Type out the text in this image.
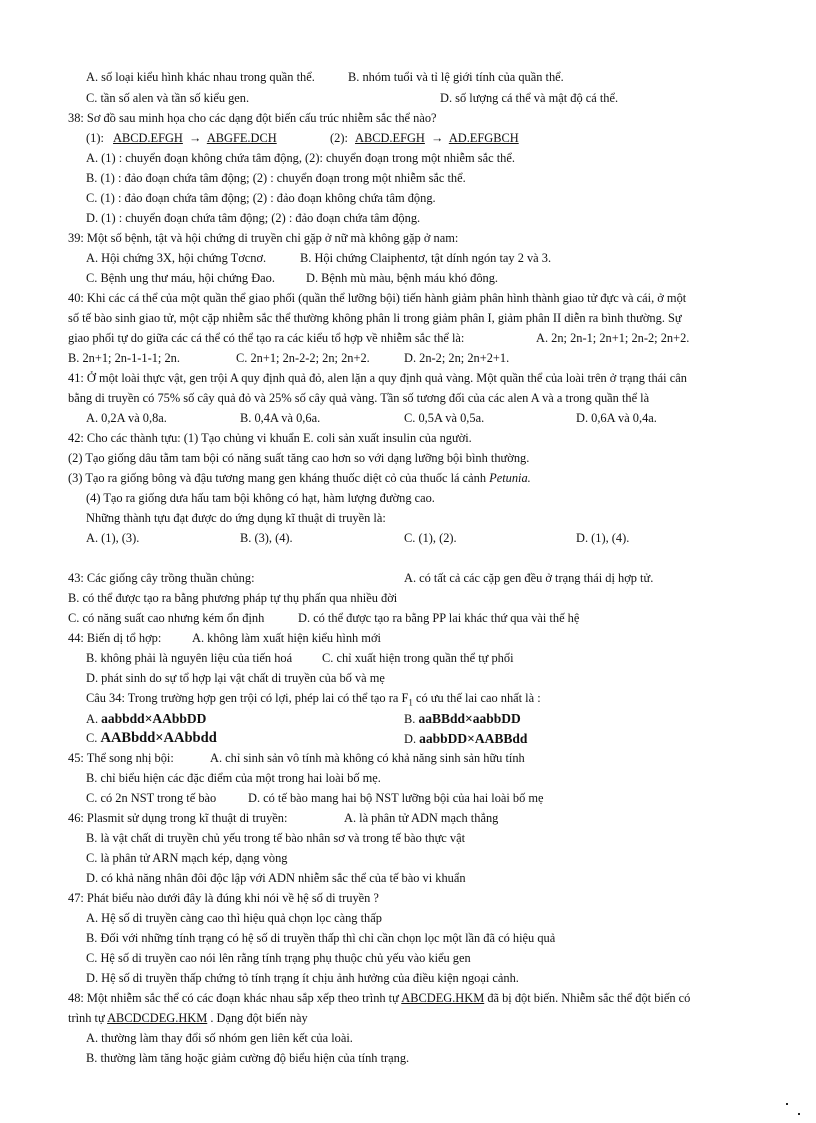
A. số loại kiểu hình khác nhau trong quần thể.	B. nhóm tuổi và tỉ lệ giới tính của quần thể.
C. tần số alen và tần số kiểu gen.	D. số lượng cá thể và mật độ cá thể.
38: Sơ đồ sau minh họa cho các dạng đột biến cấu trúc nhiễm sắc thể nào?
(1): ABCD.EFGH → ABGFE.DCH	(2): ABCD.EFGH → AD.EFGBCH
A. (1) : chuyển đoạn không chứa tâm động, (2): chuyển đoạn trong một nhiễm sắc thể.
B. (1) : đảo đoạn chứa tâm động; (2) : chuyển đoạn trong một nhiễm sắc thể.
C. (1) : đảo đoạn chứa tâm động; (2) : đảo đoạn không chứa tâm động.
D. (1) : chuyển đoạn chứa tâm động; (2) : đảo đoạn chứa tâm động.
39: Một số bệnh, tật và hội chứng di truyền chỉ gặp ở nữ mà không gặp ở nam:
A. Hội chứng 3X, hội chứng Tơcnơ.	B. Hội chứng Claiphentơ, tật dính ngón tay 2 và 3.
C. Bệnh ung thư máu, hội chứng Đao.	D. Bệnh mù màu, bệnh máu khó đông.
40: Khi các cá thể của một quần thể giao phối (quần thể lưỡng bội) tiến hành giảm phân hình thành giao tử đực và cái, ở một
số tế bào sinh giao tử, một cặp nhiễm sắc thể thường không phân li trong giảm phân I, giảm phân II diễn ra bình thường. Sự
giao phối tự do giữa các cá thể có thể tạo ra các kiểu tổ hợp về nhiễm sắc thể là:	A. 2n; 2n-1; 2n+1; 2n-2; 2n+2.
B. 2n+1; 2n-1-1-1; 2n.	C. 2n+1; 2n-2-2; 2n; 2n+2.	D. 2n-2; 2n; 2n+2+1.
41: Ở một loài thực vật, gen trội A quy định quả đỏ, alen lặn a quy định quả vàng. Một quần thể của loài trên ở trạng thái cân
bằng di truyền có 75% số cây quả đỏ và 25% số cây quả vàng. Tần số tương đối của các alen A và a trong quần thể là
A. 0,2A và 0,8a.	B. 0,4A và 0,6a.	C. 0,5A và 0,5a.	D. 0,6A và 0,4a.
42: Cho các thành tựu: (1) Tạo chủng vi khuẩn E. coli sản xuất insulin của người.
(2) Tạo giống dâu tằm tam bội có năng suất tăng cao hơn so với dạng lưỡng bội bình thường.
(3) Tạo ra giống bông và đậu tương mang gen kháng thuốc diệt cỏ của thuốc lá cảnh Petunia.
(4) Tạo ra giống dưa hấu tam bội không có hạt, hàm lượng đường cao.
Những thành tựu đạt được do ứng dụng kĩ thuật di truyền là:
A. (1), (3).	B. (3), (4).	C. (1), (2).	D. (1), (4).
43: Các giống cây trồng thuần chủng:	A. có tất cả các cặp gen đều ở trạng thái dị hợp tử.
B. có thể được tạo ra bằng phương pháp tự thụ phấn qua nhiều đời
C. có năng suất cao nhưng kém ổn định	D. có thể được tạo ra bằng PP lai khác thứ qua vài thế hệ
44: Biến dị tổ hợp: A. không làm xuất hiện kiểu hình mới
B. không phải là nguyên liệu của tiến hoá C. chỉ xuất hiện trong quần thể tự phối
D. phát sinh do sự tổ hợp lại vật chất di truyền của bố và mẹ
Câu 34: Trong trường hợp gen trội có lợi, phép lai có thể tạo ra $F_1$ có ưu thế lai cao nhất là :
A. aabbdd×AAbbDD	B. aaBBdd×aabbDD
C. AABbdd×AAbbdd	D. aabbDD×AABBdd
45: Thể song nhị bội:	A. chỉ sinh sản vô tính mà không có khả năng sinh sản hữu tính
B. chỉ biểu hiện các đặc điểm của một trong hai loài bố mẹ.
C. có 2n NST trong tế bào	D. có tế bào mang hai bộ NST lưỡng bội của hai loài bố mẹ
46: Plasmit sử dụng trong kĩ thuật di truyền:	A. là phân tử ADN mạch thẳng
B. là vật chất di truyền chủ yếu trong tế bào nhân sơ và trong tế bào thực vật
C. là phân tử ARN mạch kép, dạng vòng
D. có khả năng nhân đôi độc lập với ADN nhiễm sắc thể của tế bào vi khuẩn
47: Phát biểu nào dưới đây là đúng khi nói về hệ số di truyền ?
A. Hệ số di truyền càng cao thì hiệu quả chọn lọc càng thấp
B. Đối với những tính trạng có hệ số di truyền thấp thì chỉ cần chọn lọc một lần đã có hiệu quả
C. Hệ số di truyền cao nói lên rằng tính trạng phụ thuộc chủ yếu vào kiểu gen
D. Hệ số di truyền thấp chứng tỏ tính trạng ít chịu ảnh hưởng của điều kiện ngoại cảnh.
48: Một nhiễm sắc thể có các đoạn khác nhau sắp xếp theo trình tự ABCDEG.HKM đã bị đột biến. Nhiễm sắc thể đột biến có
trình tự ABCDCDEG.HKM . Dạng đột biến này
A. thường làm thay đổi số nhóm gen liên kết của loài.
B. thường làm tăng hoặc giảm cường độ biểu hiện của tính trạng.
